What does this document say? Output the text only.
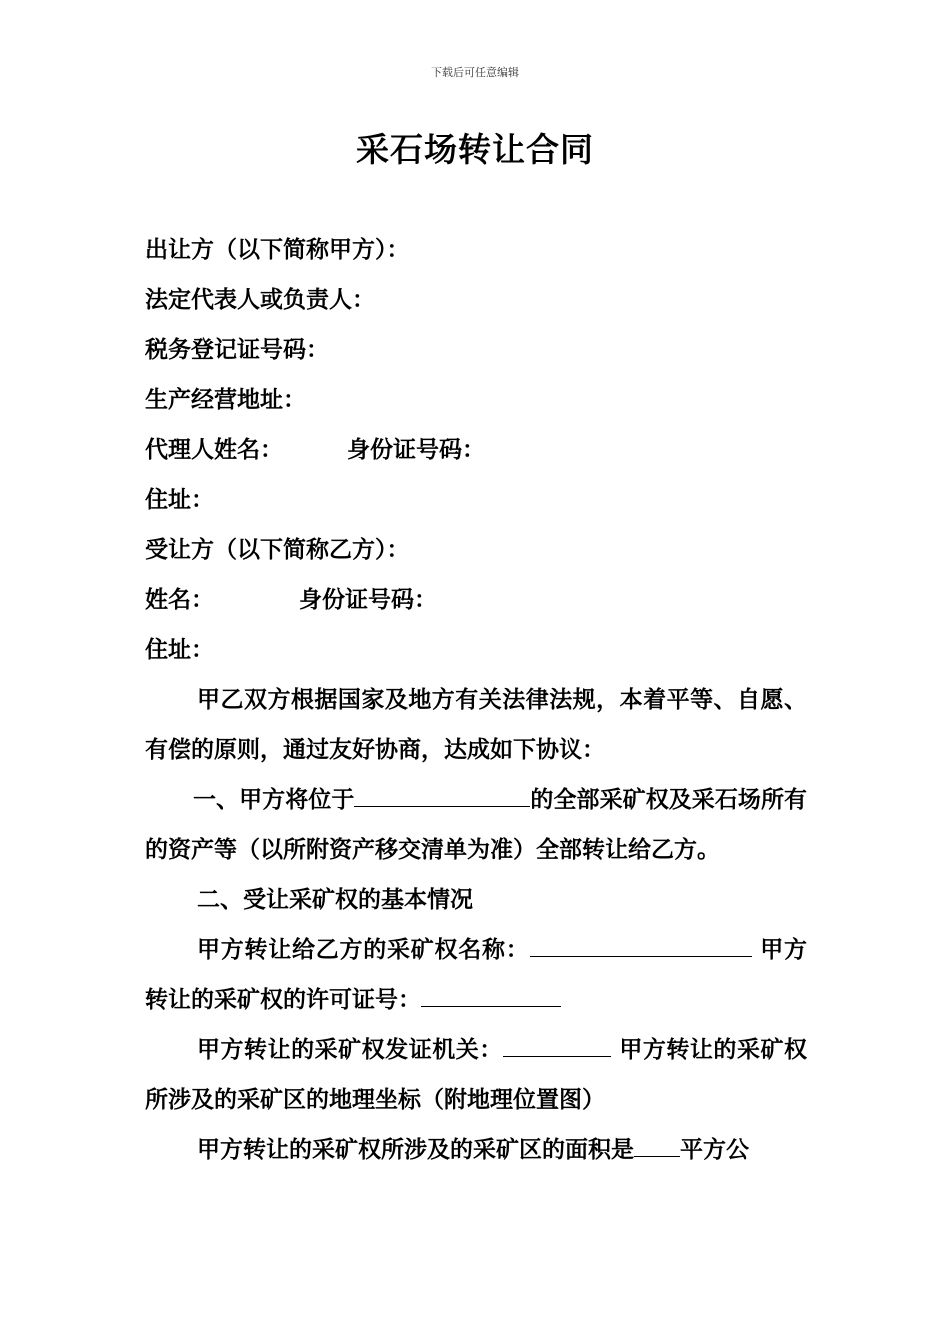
下载后可任意编辑
采石场转让合同

出让方（以下简称甲方）：

法定代表人或负责人：

税务登记证号码：

生产经营地址：

代理人姓名：	身份证号码：

住址：

受让方（以下简称乙方）：

姓名：	身份证号码：

住址：

甲乙双方根据国家及地方有关法律法规，本着平等、自愿、有偿的原则，通过友好协商，达成如下协议：

一、甲方将位于	的全部采矿权及采石场所有的资产等（以所附资产移交清单为准）全部转让给乙方。

二、受让采矿权的基本情况

甲方转让给乙方的采矿权名称：	甲方转让的采矿权的许可证号：

甲方转让的采矿权发证机关：	甲方转让的采矿权所涉及的采矿区的地理坐标（附地理位置图）

甲方转让的采矿权所涉及的采矿区的面积是 平方公
